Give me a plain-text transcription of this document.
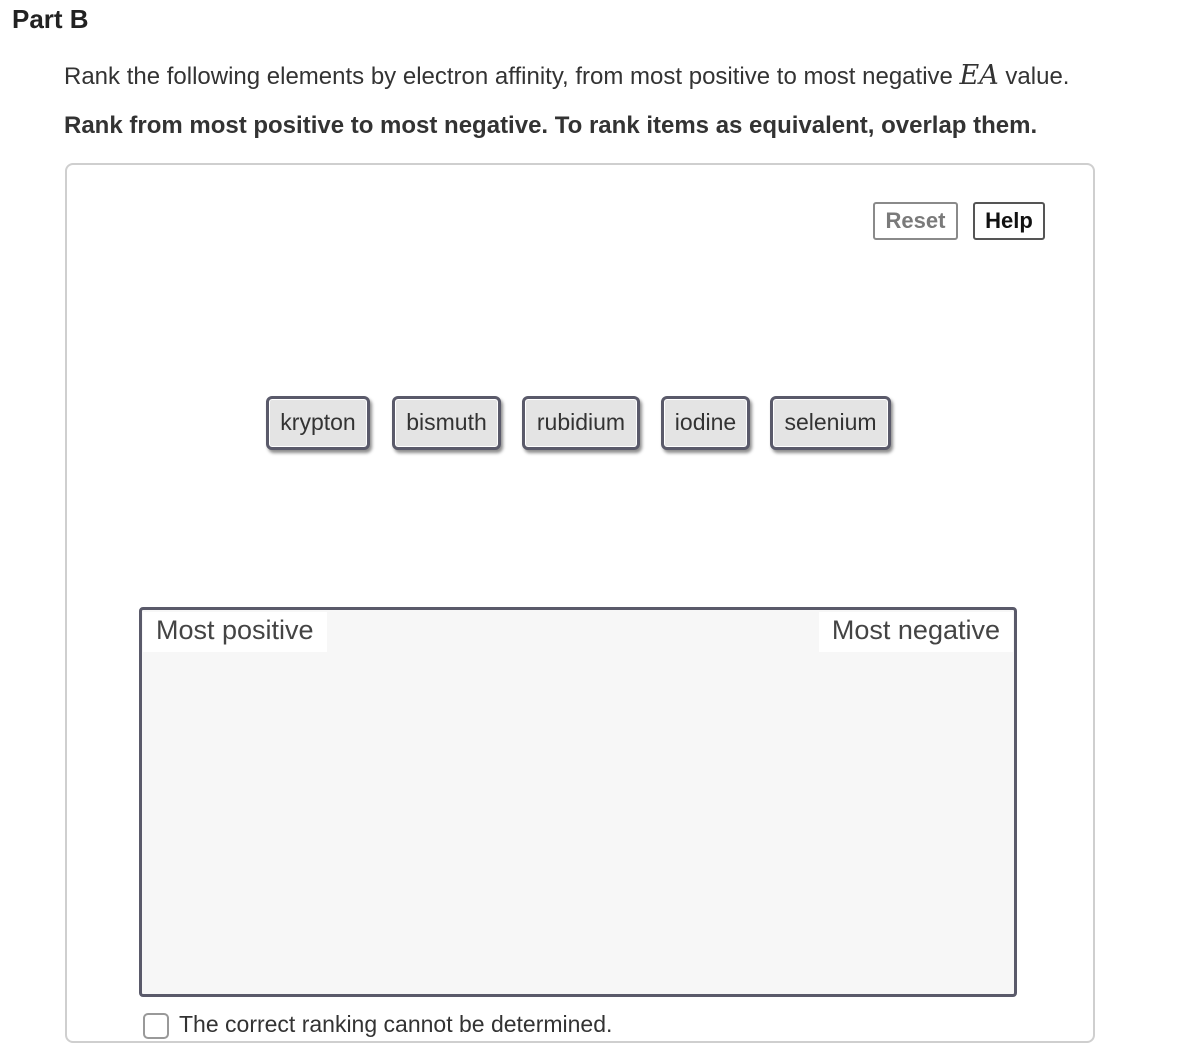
Part B
Rank the following elements by electron affinity, from most positive to most negative EA value.
Rank from most positive to most negative. To rank items as equivalent, overlap them.
Reset	Help
krypton	bismuth	rubidium	iodine	selenium
Most positive	Most negative
The correct ranking cannot be determined.
